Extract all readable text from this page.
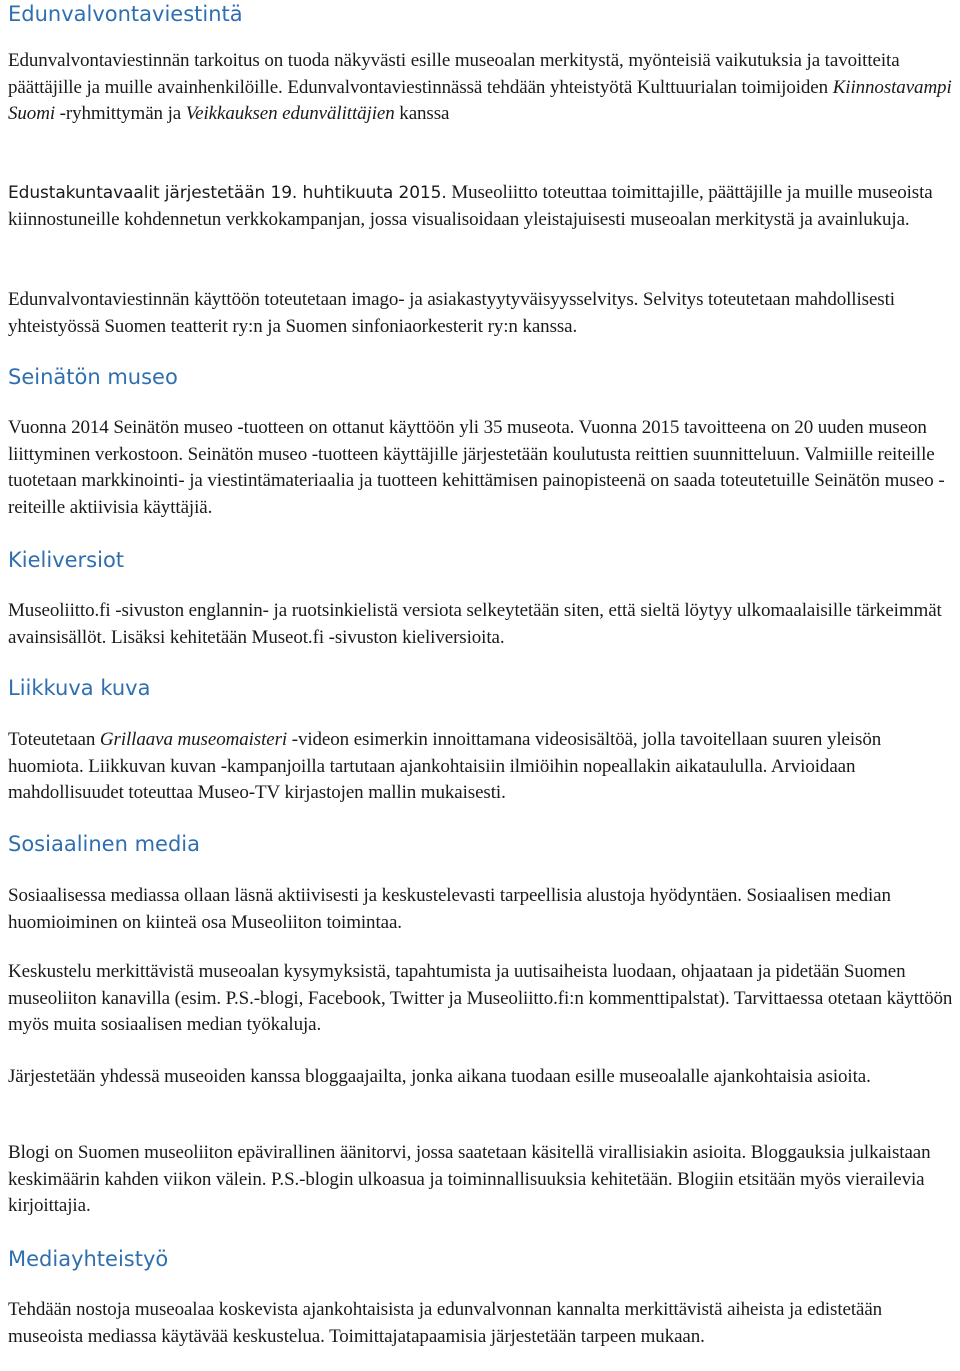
Edunvalvontaviestintä

Edunvalvontaviestinnän tarkoitus on tuoda näkyvästi esille museoalan merkitystä, myönteisiä vaikutuksia ja tavoitteita päättäjille ja muille avainhenkilöille. Edunvalvontaviestinnässä tehdään yhteistyötä Kulttuurialan toimijoiden Kiinnostavampi Suomi -ryhmittymän ja Veikkauksen edunvälittäjien kanssa

Edustakuntavaalit järjestetään 19. huhtikuuta 2015. Museoliitto toteuttaa toimittajille, päättäjille ja muille museoista kiinnostuneille kohdennetun verkkokampanjan, jossa visualisoidaan yleistajuisesti museoalan merkitystä ja avainlukuja.

Edunvalvontaviestinnän käyttöön toteutetaan imago- ja asiakastyytyväisyysselvitys. Selvitys toteutetaan mahdollisesti yhteistyössä Suomen teatterit ry:n ja Suomen sinfoniaorkesterit ry:n kanssa.

Seinätön museo

Vuonna 2014 Seinätön museo -tuotteen on ottanut käyttöön yli 35 museota. Vuonna 2015 tavoitteena on 20 uuden museon liittyminen verkostoon. Seinätön museo -tuotteen käyttäjille järjestetään koulutusta reittien suunnitteluun. Valmiille reiteille tuotetaan markkinointi- ja viestintämateriaalia ja tuotteen kehittämisen painopisteenä on saada toteutetuille Seinätön museo -reiteille aktiivisia käyttäjiä.

Kieliversiot

Museoliitto.fi -sivuston englannin- ja ruotsinkielistä versiota selkeytetään siten, että sieltä löytyy ulkomaalaisille tärkeimmät avainsisällöt. Lisäksi kehitetään Museot.fi -sivuston kieliversioita.

Liikkuva kuva

Toteutetaan Grillaava museomaisteri -videon esimerkin innoittamana videosisältöä, jolla tavoitellaan suuren yleisön huomiota. Liikkuvan kuvan -kampanjoilla tartutaan ajankohtaisiin ilmiöihin nopeallakin aikataululla. Arvioidaan mahdollisuudet toteuttaa Museo-TV kirjastojen mallin mukaisesti.

Sosiaalinen media

Sosiaalisessa mediassa ollaan läsnä aktiivisesti ja keskustelevasti tarpeellisia alustoja hyödyntäen. Sosiaalisen median huomioiminen on kiinteä osa Museoliiton toimintaa.

Keskustelu merkittävistä museoalan kysymyksistä, tapahtumista ja uutisaiheista luodaan, ohjaataan ja pidetään Suomen museoliiton kanavilla (esim. P.S.-blogi, Facebook, Twitter ja Museoliitto.fi:n kommenttipalstat). Tarvittaessa otetaan käyttöön myös muita sosiaalisen median työkaluja.

Järjestetään yhdessä museoiden kanssa bloggaajailta, jonka aikana tuodaan esille museoalalle ajankohtaisia asioita.

Blogi on Suomen museoliiton epävirallinen äänitorvi, jossa saatetaan käsitellä virallisiakin asioita. Bloggauksia julkaistaan keskimäärin kahden viikon välein. P.S.-blogin ulkoasua ja toiminnallisuuksia kehitetään. Blogiin etsitään myös vierailevia kirjoittajia.

Mediayhteistyö

Tehdään nostoja museoalaa koskevista ajankohtaisista ja edunvalvonnan kannalta merkittävistä aiheista ja edistetään museoista mediassa käytävää keskustelua. Toimittajatapaamisia järjestetään tarpeen mukaan.
